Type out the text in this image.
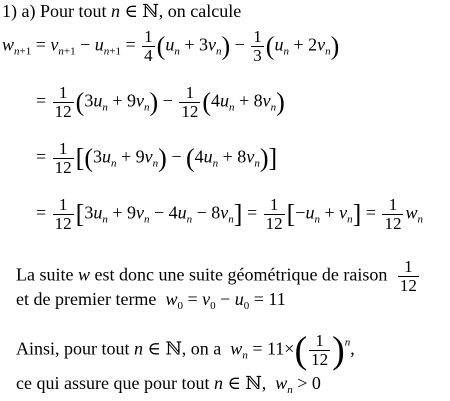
1) a) Pour tout n ∈ ℕ, on calcule
$w_{n+1} = v_{n+1} - u_{n+1} = \frac{1}{4} (u_n + 3v_n) - \frac{1}{3} (u_n + 2v_n)$
= $\frac{1}{12} (3u_n + 9v_n) - \frac{1}{12} (4u_n + 8v_n)$
= $\frac{1}{12} [(3u_n + 9v_n) - (4u_n + 8v_n)]$
= $\frac{1}{12} [3u_n + 9v_n - 4u_n - 8v_n] = \frac{1}{12} [-u_n + v_n] = \frac{1}{12} w_n$
La suite w est donc une suite géométrique de raison $\frac{1}{12}$
et de premier terme $w_0 = v_0 - u_0 = 11$
Ainsi, pour tout n ∈ ℕ, on a $w_n = 11\times( \frac{1}{12} )^n$,
ce qui assure que pour tout n ∈ ℕ, $w_n > 0$
